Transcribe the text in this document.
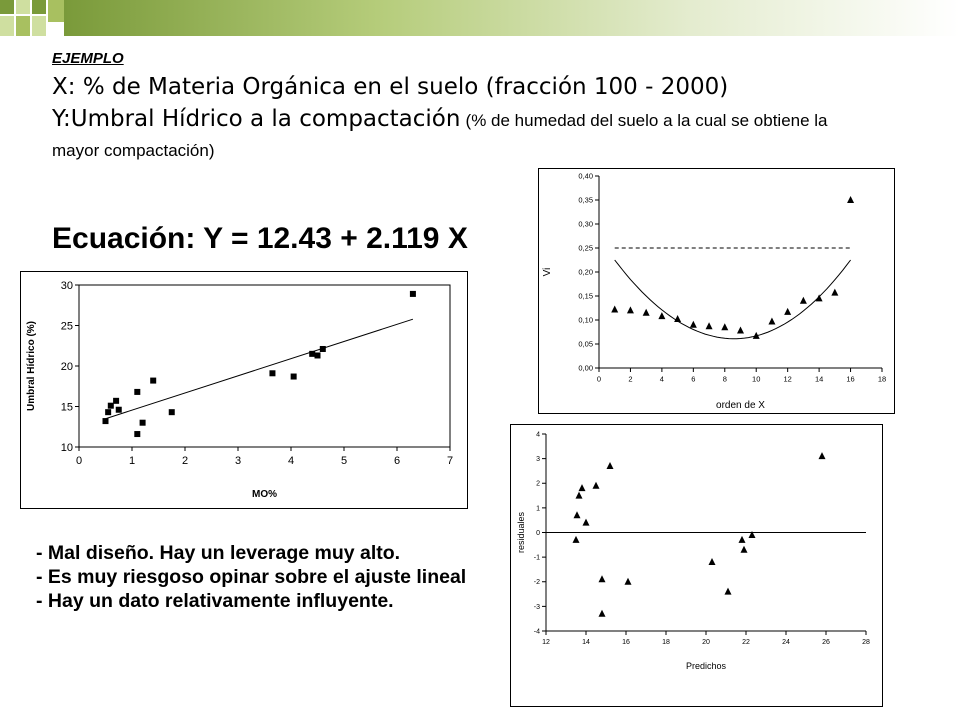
EJEMPLO

X: % de Materia Orgánica en el suelo (fracción 100 - 2000)

Y:Umbral Hídrico a la compactación (% de humedad del suelo a la cual se obtiene la mayor compactación)

Ecuación: Y = 12.43 + 2.119 X

0	1	2	3	4	5	6	7
10
15
20
25
30
MO%
Umbral Hídrico (%)	0	2	4	6	8	10	12	14	16	18
0,00
0,05
0,10
0,15
0,20
0,25
0,30
0,35
0,40
orden de X
Vi
12	14	16	18	20	22	24	26	28
-4
-3
-2
-1
0
1
2
3
4
Predichos
residuales
- Mal diseño. Hay un leverage muy alto.
- Es muy riesgoso opinar sobre el ajuste lineal
- Hay un dato relativamente influyente.
